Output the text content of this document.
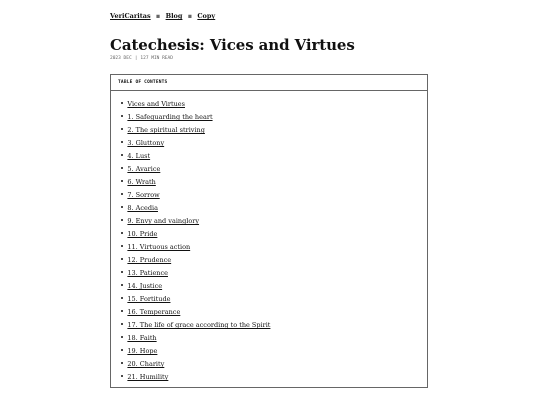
VeriCaritas ▪ Blog ▪ Copy
Catechesis: Vices and Virtues
2023 DEC | 127 MIN READ
TABLE OF CONTENTS
Vices and Virtues
1. Safeguarding the heart
2. The spiritual striving
3. Gluttony
4. Lust
5. Avarice
6. Wrath
7. Sorrow
8. Acedia
9. Envy and vainglory
10. Pride
11. Virtuous action
12. Prudence
13. Patience
14. Justice
15. Fortitude
16. Temperance
17. The life of grace according to the Spirit
18. Faith
19. Hope
20. Charity
21. Humility
